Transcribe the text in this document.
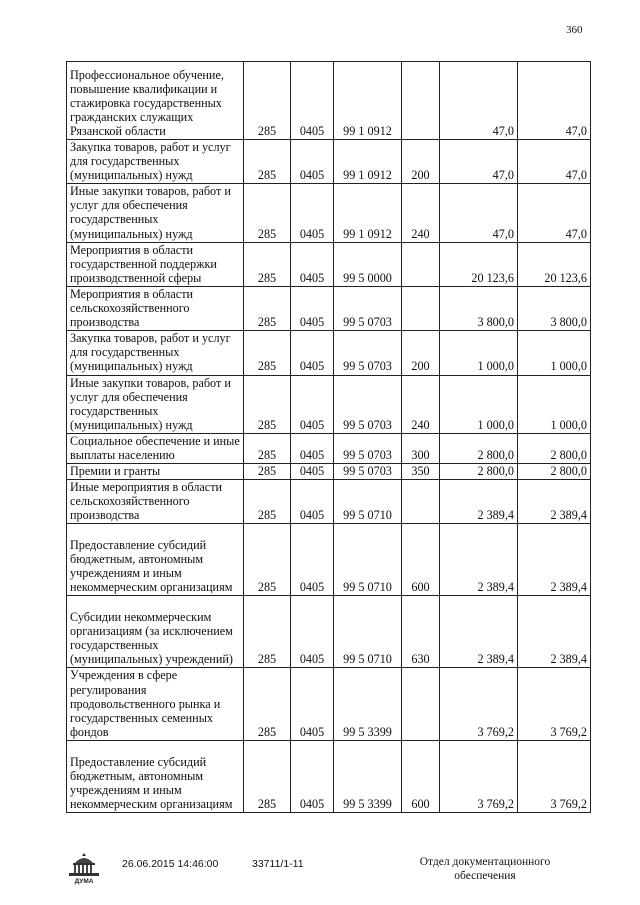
360
Профессиональное обучение, повышение квалификации и стажировка государственных гражданских служащих Рязанской области	285	0405	99 1 0912		47,0	47,0
Закупка товаров, работ и услуг для государственных (муниципальных) нужд	285	0405	99 1 0912	200	47,0	47,0
Иные закупки товаров, работ и услуг для обеспечения государственных (муниципальных) нужд	285	0405	99 1 0912	240	47,0	47,0
Мероприятия в области государственной поддержки производственной сферы	285	0405	99 5 0000		20 123,6	20 123,6
Мероприятия в области сельскохозяйственного производства	285	0405	99 5 0703		3 800,0	3 800,0
Закупка товаров, работ и услуг для государственных (муниципальных) нужд	285	0405	99 5 0703	200	1 000,0	1 000,0
Иные закупки товаров, работ и услуг для обеспечения государственных (муниципальных) нужд	285	0405	99 5 0703	240	1 000,0	1 000,0
Социальное обеспечение и иные выплаты населению	285	0405	99 5 0703	300	2 800,0	2 800,0
Премии и гранты	285	0405	99 5 0703	350	2 800,0	2 800,0
Иные мероприятия в области сельскохозяйственного производства	285	0405	99 5 0710		2 389,4	2 389,4
Предоставление субсидий бюджетным, автономным учреждениям и иным некоммерческим организациям	285	0405	99 5 0710	600	2 389,4	2 389,4
Субсидии некоммерческим организациям (за исключением государственных (муниципальных) учреждений)	285	0405	99 5 0710	630	2 389,4	2 389,4
Учреждения в сфере регулирования продовольственного рынка и государственных семенных фондов	285	0405	99 5 3399		3 769,2	3 769,2
Предоставление субсидий бюджетным, автономным учреждениям и иным некоммерческим организациям	285	0405	99 5 3399	600	3 769,2	3 769,2
ДУМА
26.06.2015 14:46:00	33711/1-11	Отдел документационного обеспечения
